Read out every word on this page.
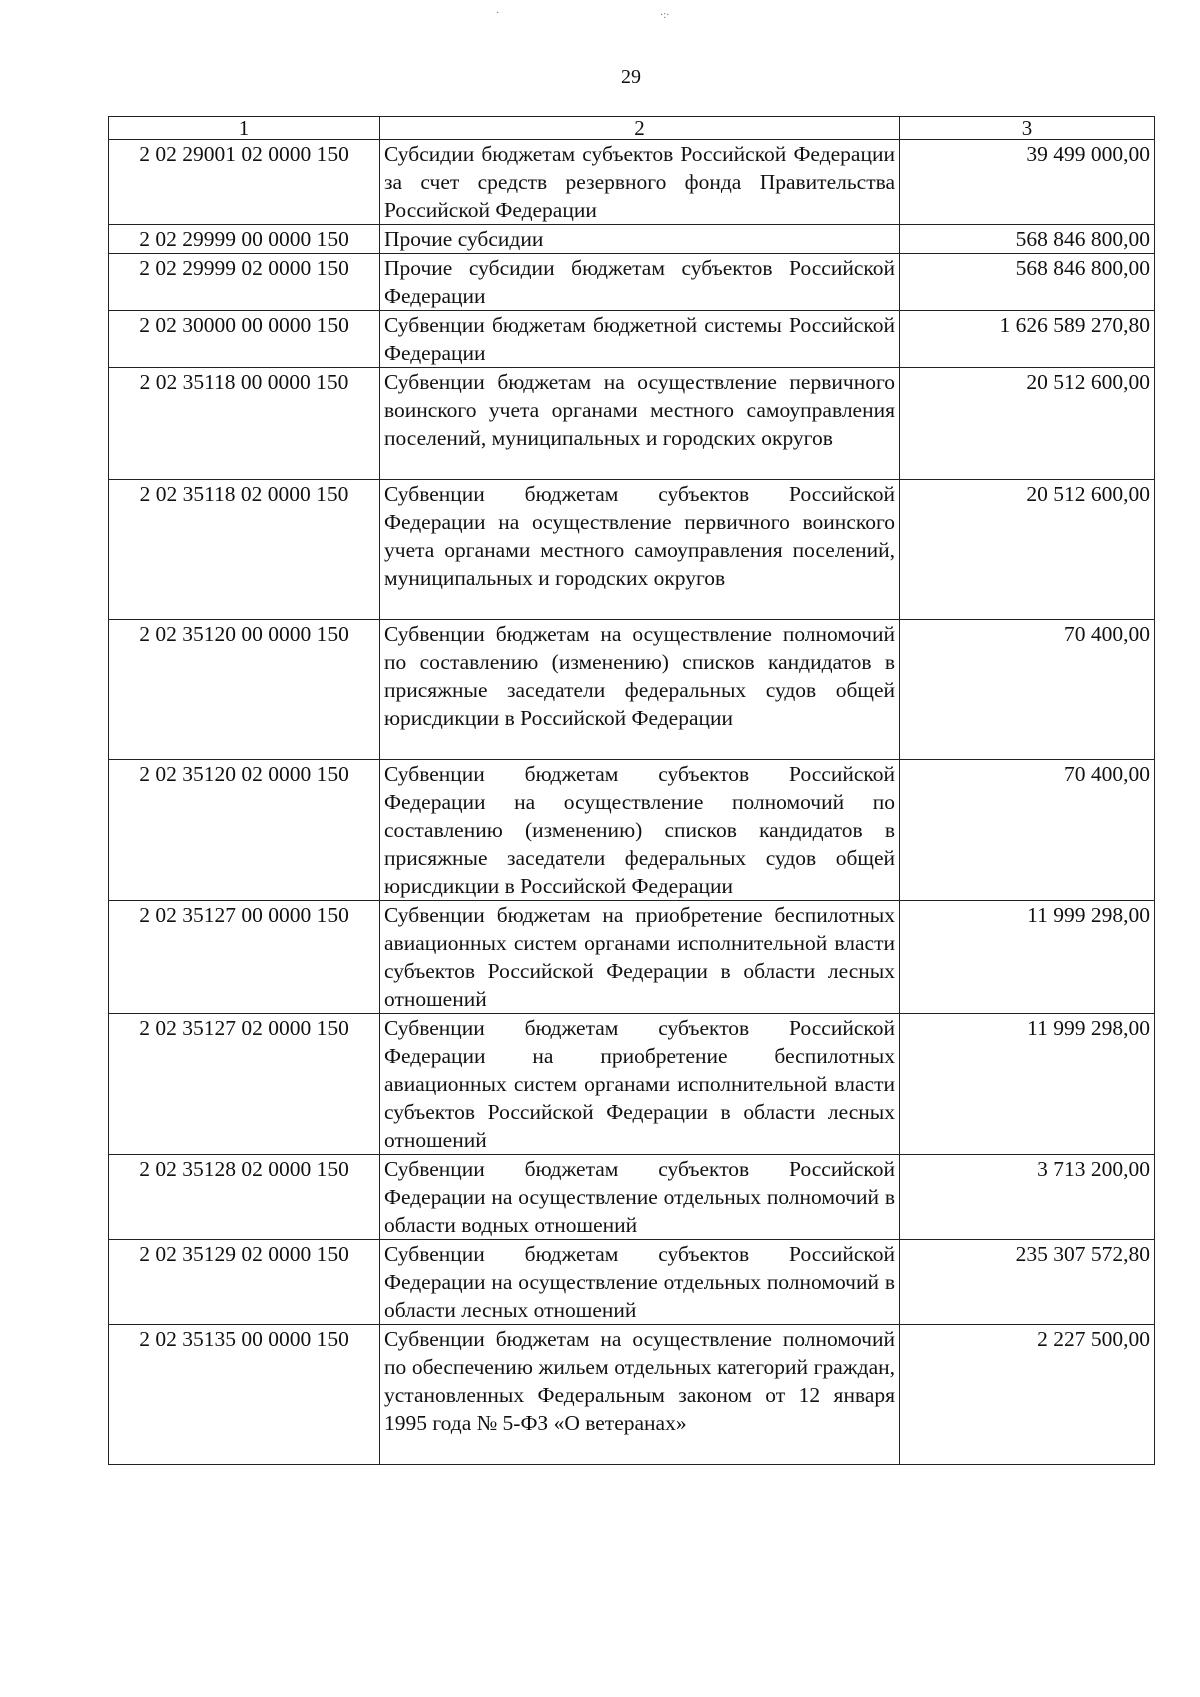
·	·:·
29
1	2	3
2 02 29001 02 0000 150	Субсидии бюджетам субъектов Российской Федерации за счет средств резервного фонда Правительства Российской Федерации	39 499 000,00
2 02 29999 00 0000 150	Прочие субсидии	568 846 800,00
2 02 29999 02 0000 150	Прочие субсидии бюджетам субъектов Российской Федерации	568 846 800,00
2 02 30000 00 0000 150	Субвенции бюджетам бюджетной системы Российской Федерации	1 626 589 270,80
2 02 35118 00 0000 150	Субвенции бюджетам на осуществление первичного воинского учета органами местного самоуправления поселений, муниципальных и городских округов	20 512 600,00
2 02 35118 02 0000 150	Субвенции бюджетам субъектов Российской Федерации на осуществление первичного воинского учета органами местного самоуправления поселений, муниципальных и городских округов	20 512 600,00
2 02 35120 00 0000 150	Субвенции бюджетам на осуществление полномочий по составлению (изменению) списков кандидатов в присяжные заседатели федеральных судов общей юрисдикции в Российской Федерации	70 400,00
2 02 35120 02 0000 150	Субвенции бюджетам субъектов Российской Федерации на осуществление полномочий по составлению (изменению) списков кандидатов в присяжные заседатели федеральных судов общей юрисдикции в Российской Федерации	70 400,00
2 02 35127 00 0000 150	Субвенции бюджетам на приобретение беспилотных авиационных систем органами исполнительной власти субъектов Российской Федерации в области лесных отношений	11 999 298,00
2 02 35127 02 0000 150	Субвенции бюджетам субъектов Российской Федерации на приобретение беспилотных авиационных систем органами исполнительной власти субъектов Российской Федерации в области лесных отношений	11 999 298,00
2 02 35128 02 0000 150	Субвенции бюджетам субъектов Российской Федерации на осуществление отдельных полномочий в области водных отношений	3 713 200,00
2 02 35129 02 0000 150	Субвенции бюджетам субъектов Российской Федерации на осуществление отдельных полномочий в области лесных отношений	235 307 572,80
2 02 35135 00 0000 150	Субвенции бюджетам на осуществление полномочий по обеспечению жильем отдельных категорий граждан, установленных Федеральным законом от 12 января 1995 года № 5-ФЗ «О ветеранах»	2 227 500,00
